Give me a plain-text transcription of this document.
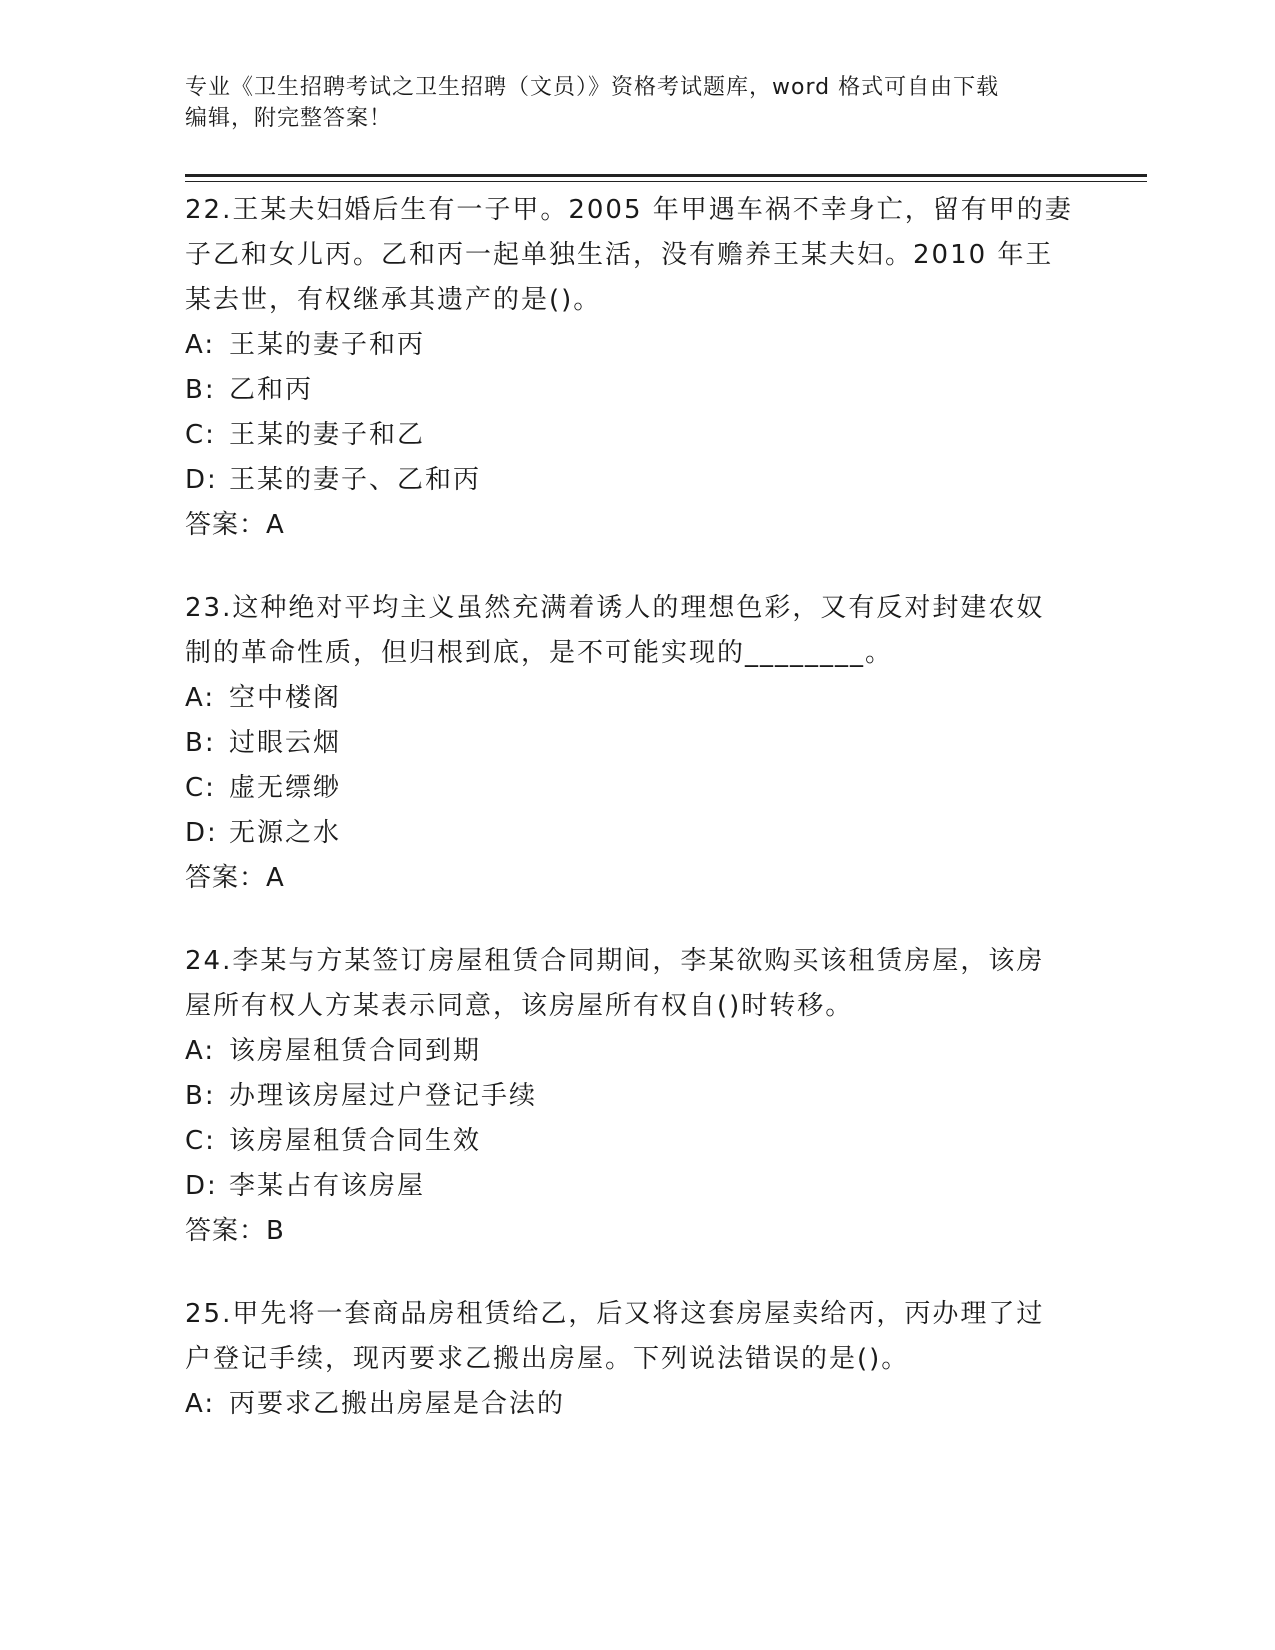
专业《卫生招聘考试之卫生招聘（文员）》资格考试题库，word 格式可自由下载
编辑，附完整答案！
22.王某夫妇婚后生有一子甲。2005 年甲遇车祸不幸身亡，留有甲的妻
子乙和女儿丙。乙和丙一起单独生活，没有赡养王某夫妇。2010 年王
某去世，有权继承其遗产的是()。
A: 王某的妻子和丙
B: 乙和丙
C: 王某的妻子和乙
D: 王某的妻子、乙和丙
答案：A
23.这种绝对平均主义虽然充满着诱人的理想色彩，又有反对封建农奴
制的革命性质，但归根到底，是不可能实现的________。
A: 空中楼阁
B: 过眼云烟
C: 虚无缥缈
D: 无源之水
答案：A
24.李某与方某签订房屋租赁合同期间，李某欲购买该租赁房屋，该房
屋所有权人方某表示同意，该房屋所有权自()时转移。
A: 该房屋租赁合同到期
B: 办理该房屋过户登记手续
C: 该房屋租赁合同生效
D: 李某占有该房屋
答案：B
25.甲先将一套商品房租赁给乙，后又将这套房屋卖给丙，丙办理了过
户登记手续，现丙要求乙搬出房屋。下列说法错误的是()。
A: 丙要求乙搬出房屋是合法的
